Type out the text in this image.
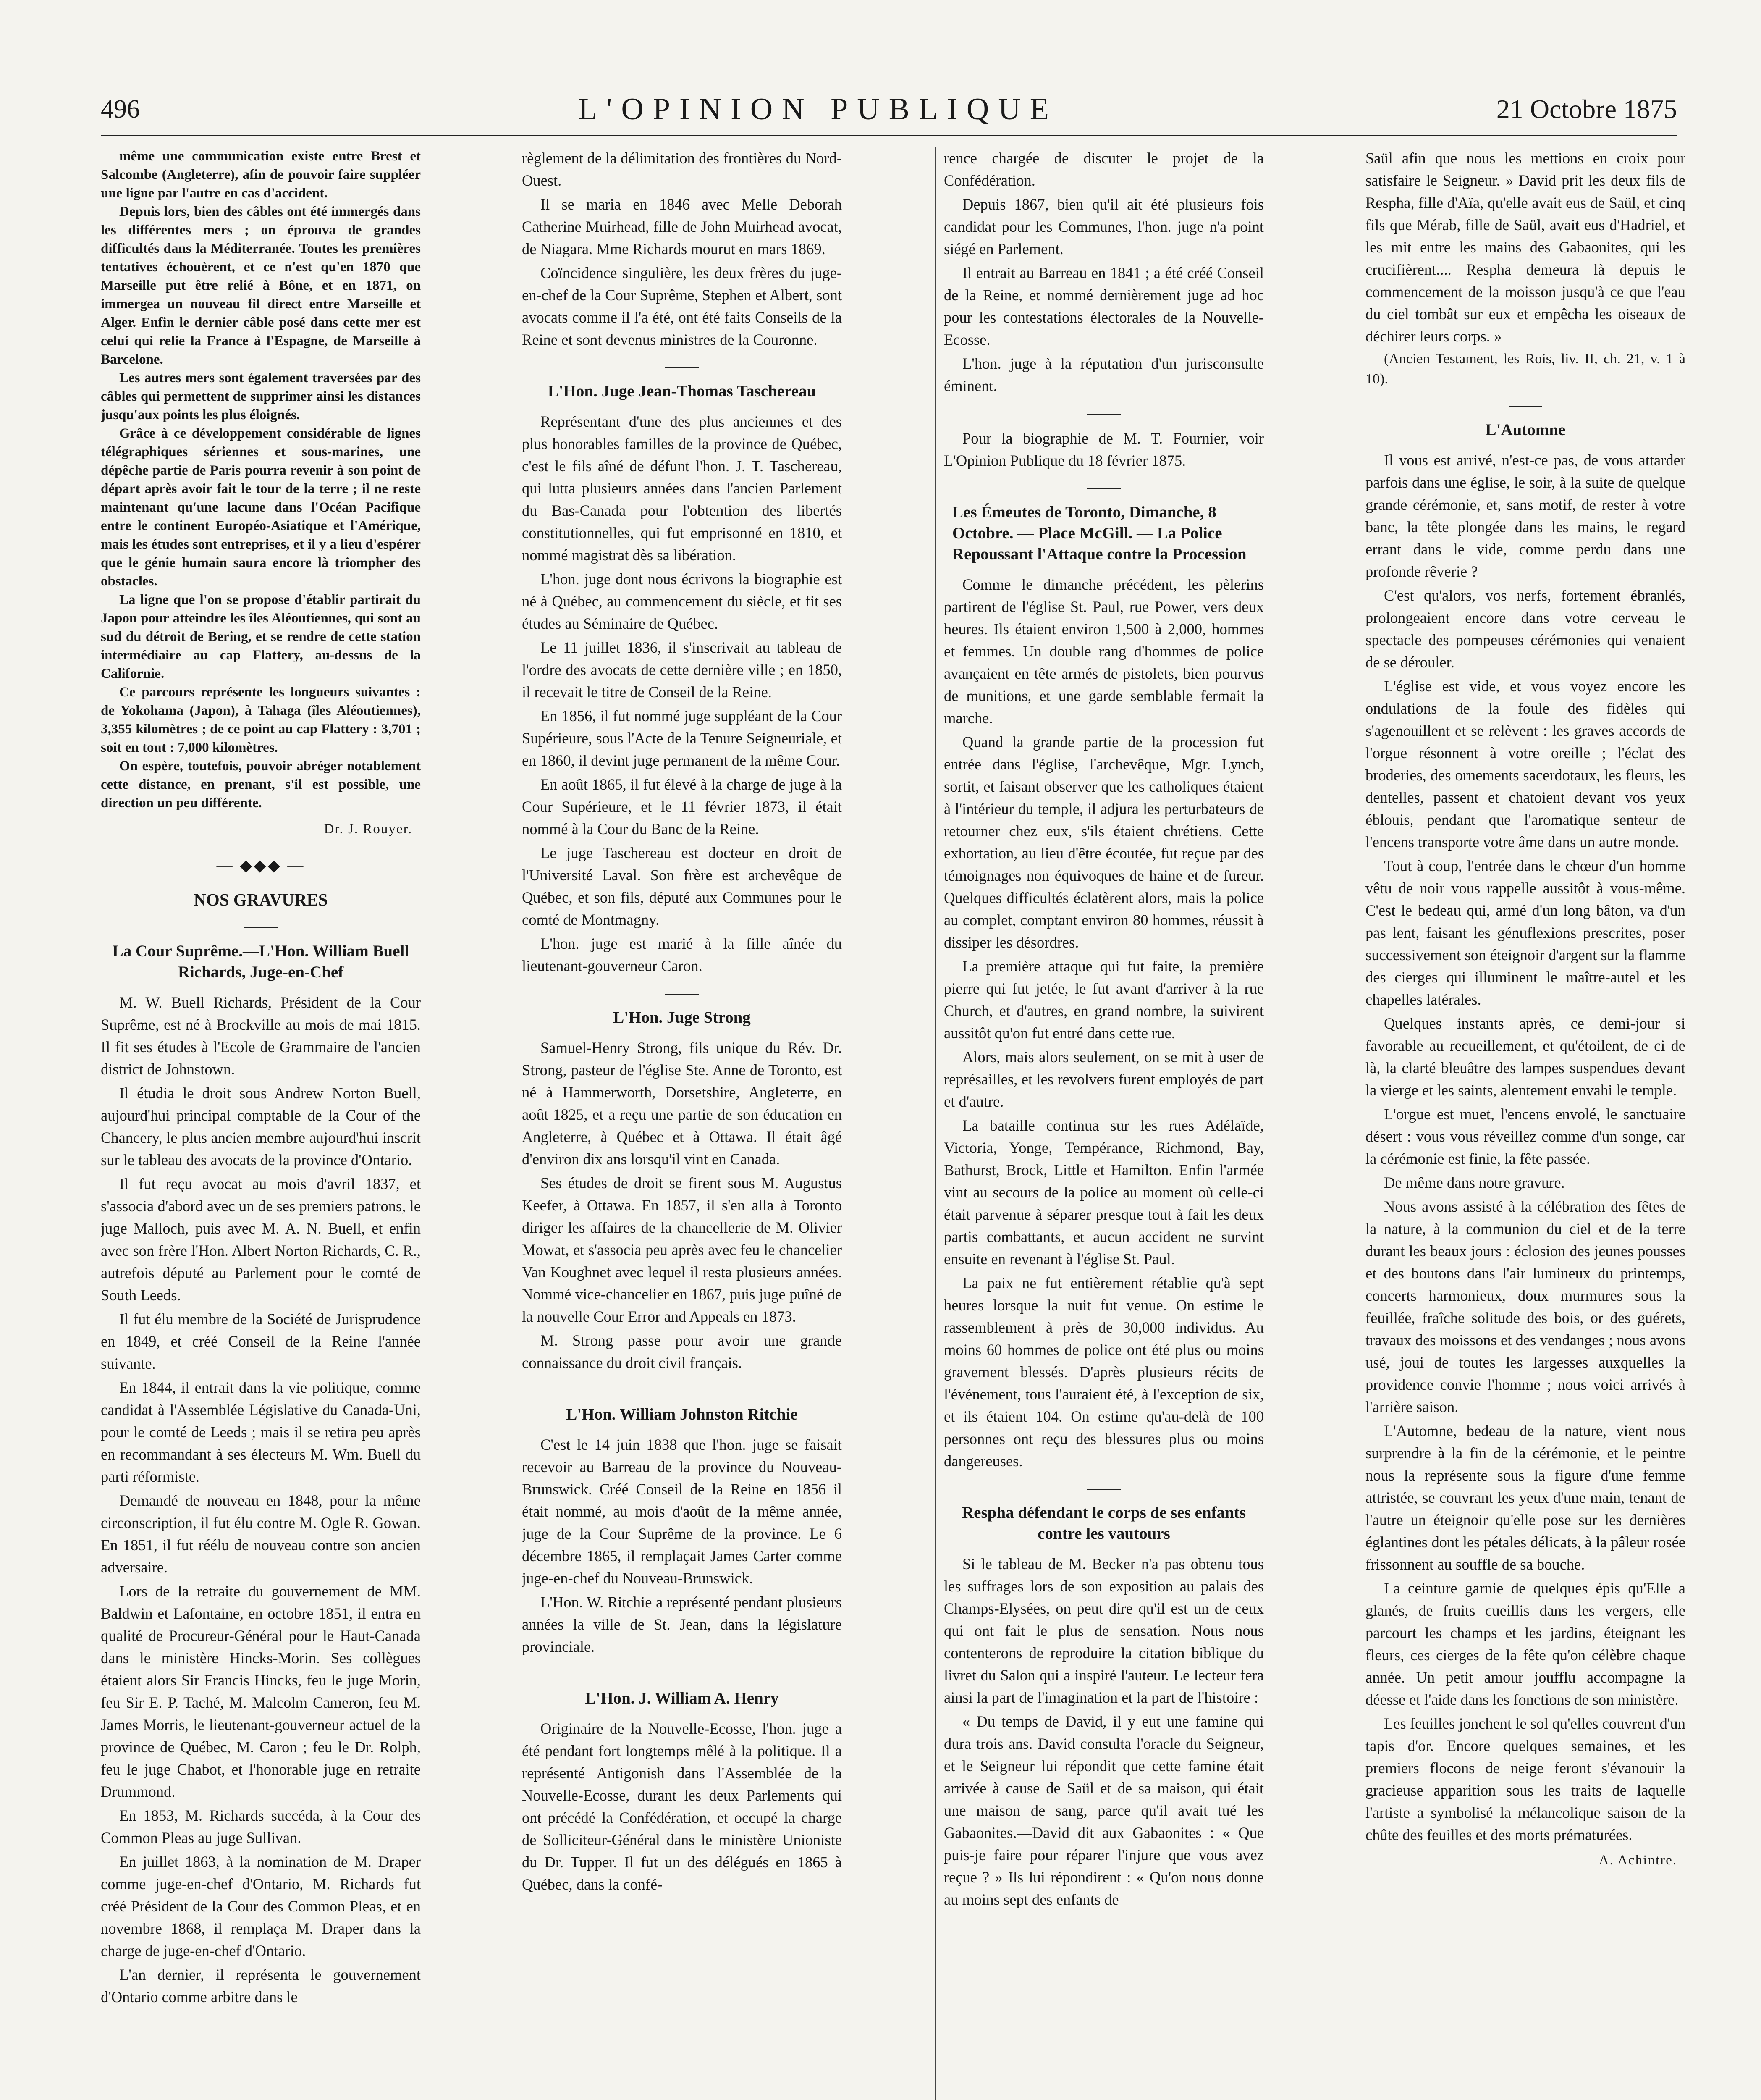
496	L'OPINION PUBLIQUE	21 Octobre 1875

même une communication existe entre Brest et Salcombe (Angleterre), afin de pouvoir faire suppléer une ligne par l'autre en cas d'accident.

Depuis lors, bien des câbles ont été immergés dans les différentes mers ; on éprouva de grandes difficultés dans la Méditerranée. Toutes les premières tentatives échouèrent, et ce n'est qu'en 1870 que Marseille put être relié à Bône, et en 1871, on immergea un nouveau fil direct entre Marseille et Alger. Enfin le dernier câble posé dans cette mer est celui qui relie la France à l'Espagne, de Marseille à Barcelone.

Les autres mers sont également traversées par des câbles qui permettent de supprimer ainsi les distances jusqu'aux points les plus éloignés.

Grâce à ce développement considérable de lignes télégraphiques sériennes et sous-marines, une dépêche partie de Paris pourra revenir à son point de départ après avoir fait le tour de la terre ; il ne reste maintenant qu'une lacune dans l'Océan Pacifique entre le continent Européo-Asiatique et l'Amérique, mais les études sont entreprises, et il y a lieu d'espérer que le génie humain saura encore là triompher des obstacles.

La ligne que l'on se propose d'établir partirait du Japon pour atteindre les îles Aléoutiennes, qui sont au sud du détroit de Bering, et se rendre de cette station intermédiaire au cap Flattery, au-dessus de la Californie.

Ce parcours représente les longueurs suivantes : de Yokohama (Japon), à Tahaga (îles Aléoutiennes), 3,355 kilomètres ; de ce point au cap Flattery : 3,701 ; soit en tout : 7,000 kilomètres.

On espère, toutefois, pouvoir abréger notablement cette distance, en prenant, s'il est possible, une direction un peu différente.

Dr. J. Rouyer.
— ◆◆◆ —
NOS GRAVURES
La Cour Suprême.—L'Hon. William Buell Richards, Juge-en-Chef

M. W. Buell Richards, Président de la Cour Suprême, est né à Brockville au mois de mai 1815. Il fit ses études à l'Ecole de Grammaire de l'ancien district de Johnstown.

Il étudia le droit sous Andrew Norton Buell, aujourd'hui principal comptable de la Cour of the Chancery, le plus ancien membre aujourd'hui inscrit sur le tableau des avocats de la province d'Ontario.

Il fut reçu avocat au mois d'avril 1837, et s'associa d'abord avec un de ses premiers patrons, le juge Malloch, puis avec M. A. N. Buell, et enfin avec son frère l'Hon. Albert Norton Richards, C. R., autrefois député au Parlement pour le comté de South Leeds.

Il fut élu membre de la Société de Jurisprudence en 1849, et créé Conseil de la Reine l'année suivante.

En 1844, il entrait dans la vie politique, comme candidat à l'Assemblée Législative du Canada-Uni, pour le comté de Leeds ; mais il se retira peu après en recommandant à ses électeurs M. Wm. Buell du parti réformiste.

Demandé de nouveau en 1848, pour la même circonscription, il fut élu contre M. Ogle R. Gowan. En 1851, il fut réélu de nouveau contre son ancien adversaire.

Lors de la retraite du gouvernement de MM. Baldwin et Lafontaine, en octobre 1851, il entra en qualité de Procureur-Général pour le Haut-Canada dans le ministère Hincks-Morin. Ses collègues étaient alors Sir Francis Hincks, feu le juge Morin, feu Sir E. P. Taché, M. Malcolm Cameron, feu M. James Morris, le lieutenant-gouverneur actuel de la province de Québec, M. Caron ; feu le Dr. Rolph, feu le juge Chabot, et l'honorable juge en retraite Drummond.

En 1853, M. Richards succéda, à la Cour des Common Pleas au juge Sullivan.

En juillet 1863, à la nomination de M. Draper comme juge-en-chef d'Ontario, M. Richards fut créé Président de la Cour des Common Pleas, et en novembre 1868, il remplaça M. Draper dans la charge de juge-en-chef d'Ontario.

L'an dernier, il représenta le gouvernement d'Ontario comme arbitre dans le

règlement de la délimitation des frontières du Nord-Ouest.

Il se maria en 1846 avec Melle Deborah Catherine Muirhead, fille de John Muirhead avocat, de Niagara. Mme Richards mourut en mars 1869.

Coïncidence singulière, les deux frères du juge-en-chef de la Cour Suprême, Stephen et Albert, sont avocats comme il l'a été, ont été faits Conseils de la Reine et sont devenus ministres de la Couronne.

L'Hon. Juge Jean-Thomas Taschereau

Représentant d'une des plus anciennes et des plus honorables familles de la province de Québec, c'est le fils aîné de défunt l'hon. J. T. Taschereau, qui lutta plusieurs années dans l'ancien Parlement du Bas-Canada pour l'obtention des libertés constitutionnelles, qui fut emprisonné en 1810, et nommé magistrat dès sa libération.

L'hon. juge dont nous écrivons la biographie est né à Québec, au commencement du siècle, et fit ses études au Séminaire de Québec.

Le 11 juillet 1836, il s'inscrivait au tableau de l'ordre des avocats de cette dernière ville ; en 1850, il recevait le titre de Conseil de la Reine.

En 1856, il fut nommé juge suppléant de la Cour Supérieure, sous l'Acte de la Tenure Seigneuriale, et en 1860, il devint juge permanent de la même Cour.

En août 1865, il fut élevé à la charge de juge à la Cour Supérieure, et le 11 février 1873, il était nommé à la Cour du Banc de la Reine.

Le juge Taschereau est docteur en droit de l'Université Laval. Son frère est archevêque de Québec, et son fils, député aux Communes pour le comté de Montmagny.

L'hon. juge est marié à la fille aînée du lieutenant-gouverneur Caron.

L'Hon. Juge Strong

Samuel-Henry Strong, fils unique du Rév. Dr. Strong, pasteur de l'église Ste. Anne de Toronto, est né à Hammerworth, Dorsetshire, Angleterre, en août 1825, et a reçu une partie de son éducation en Angleterre, à Québec et à Ottawa. Il était âgé d'environ dix ans lorsqu'il vint en Canada.

Ses études de droit se firent sous M. Augustus Keefer, à Ottawa. En 1857, il s'en alla à Toronto diriger les affaires de la chancellerie de M. Olivier Mowat, et s'associa peu après avec feu le chancelier Van Koughnet avec lequel il resta plusieurs années. Nommé vice-chancelier en 1867, puis juge puîné de la nouvelle Cour Error and Appeals en 1873.

M. Strong passe pour avoir une grande connaissance du droit civil français.

L'Hon. William Johnston Ritchie

C'est le 14 juin 1838 que l'hon. juge se faisait recevoir au Barreau de la province du Nouveau-Brunswick. Créé Conseil de la Reine en 1856 il était nommé, au mois d'août de la même année, juge de la Cour Suprême de la province. Le 6 décembre 1865, il remplaçait James Carter comme juge-en-chef du Nouveau-Brunswick.

L'Hon. W. Ritchie a représenté pendant plusieurs années la ville de St. Jean, dans la législature provinciale.

L'Hon. J. William A. Henry

Originaire de la Nouvelle-Ecosse, l'hon. juge a été pendant fort longtemps mêlé à la politique. Il a représenté Antigonish dans l'Assemblée de la Nouvelle-Ecosse, durant les deux Parlements qui ont précédé la Confédération, et occupé la charge de Solliciteur-Général dans le ministère Unioniste du Dr. Tupper. Il fut un des délégués en 1865 à Québec, dans la confé-

rence chargée de discuter le projet de la Confédération.

Depuis 1867, bien qu'il ait été plusieurs fois candidat pour les Communes, l'hon. juge n'a point siégé en Parlement.

Il entrait au Barreau en 1841 ; a été créé Conseil de la Reine, et nommé dernièrement juge ad hoc pour les contestations électorales de la Nouvelle-Ecosse.

L'hon. juge à la réputation d'un jurisconsulte éminent.

Pour la biographie de M. T. Fournier, voir L'Opinion Publique du 18 février 1875.

Les Émeutes de Toronto, Dimanche, 8 Octobre. — Place McGill. — La Police Repoussant l'Attaque contre la Procession

Comme le dimanche précédent, les pèlerins partirent de l'église St. Paul, rue Power, vers deux heures. Ils étaient environ 1,500 à 2,000, hommes et femmes. Un double rang d'hommes de police avançaient en tête armés de pistolets, bien pourvus de munitions, et une garde semblable fermait la marche.

Quand la grande partie de la procession fut entrée dans l'église, l'archevêque, Mgr. Lynch, sortit, et faisant observer que les catholiques étaient à l'intérieur du temple, il adjura les perturbateurs de retourner chez eux, s'ils étaient chrétiens. Cette exhortation, au lieu d'être écoutée, fut reçue par des témoignages non équivoques de haine et de fureur. Quelques difficultés éclatèrent alors, mais la police au complet, comptant environ 80 hommes, réussit à dissiper les désordres.

La première attaque qui fut faite, la première pierre qui fut jetée, le fut avant d'arriver à la rue Church, et d'autres, en grand nombre, la suivirent aussitôt qu'on fut entré dans cette rue.

Alors, mais alors seulement, on se mit à user de représailles, et les revolvers furent employés de part et d'autre.

La bataille continua sur les rues Adélaïde, Victoria, Yonge, Tempérance, Richmond, Bay, Bathurst, Brock, Little et Hamilton. Enfin l'armée vint au secours de la police au moment où celle-ci était parvenue à séparer presque tout à fait les deux partis combattants, et aucun accident ne survint ensuite en revenant à l'église St. Paul.

La paix ne fut entièrement rétablie qu'à sept heures lorsque la nuit fut venue. On estime le rassemblement à près de 30,000 individus. Au moins 60 hommes de police ont été plus ou moins gravement blessés. D'après plusieurs récits de l'événement, tous l'auraient été, à l'exception de six, et ils étaient 104. On estime qu'au-delà de 100 personnes ont reçu des blessures plus ou moins dangereuses.

Respha défendant le corps de ses enfants contre les vautours

Si le tableau de M. Becker n'a pas obtenu tous les suffrages lors de son exposition au palais des Champs-Elysées, on peut dire qu'il est un de ceux qui ont fait le plus de sensation. Nous nous contenterons de reproduire la citation biblique du livret du Salon qui a inspiré l'auteur. Le lecteur fera ainsi la part de l'imagination et la part de l'histoire :

« Du temps de David, il y eut une famine qui dura trois ans. David consulta l'oracle du Seigneur, et le Seigneur lui répondit que cette famine était arrivée à cause de Saül et de sa maison, qui était une maison de sang, parce qu'il avait tué les Gabaonites.—David dit aux Gabaonites : « Que puis-je faire pour réparer l'injure que vous avez reçue ? » Ils lui répondirent : « Qu'on nous donne au moins sept des enfants de

Saül afin que nous les mettions en croix pour satisfaire le Seigneur. » David prit les deux fils de Respha, fille d'Aïa, qu'elle avait eus de Saül, et cinq fils que Mérab, fille de Saül, avait eus d'Hadriel, et les mit entre les mains des Gabaonites, qui les crucifièrent.... Respha demeura là depuis le commencement de la moisson jusqu'à ce que l'eau du ciel tombât sur eux et empêcha les oiseaux de déchirer leurs corps. »

(Ancien Testament, les Rois, liv. II, ch. 21, v. 1 à 10).

L'Automne

Il vous est arrivé, n'est-ce pas, de vous attarder parfois dans une église, le soir, à la suite de quelque grande cérémonie, et, sans motif, de rester à votre banc, la tête plongée dans les mains, le regard errant dans le vide, comme perdu dans une profonde rêverie ?

C'est qu'alors, vos nerfs, fortement ébranlés, prolongeaient encore dans votre cerveau le spectacle des pompeuses cérémonies qui venaient de se dérouler.

L'église est vide, et vous voyez encore les ondulations de la foule des fidèles qui s'agenouillent et se relèvent : les graves accords de l'orgue résonnent à votre oreille ; l'éclat des broderies, des ornements sacerdotaux, les fleurs, les dentelles, passent et chatoient devant vos yeux éblouis, pendant que l'aromatique senteur de l'encens transporte votre âme dans un autre monde.

Tout à coup, l'entrée dans le chœur d'un homme vêtu de noir vous rappelle aussitôt à vous-même. C'est le bedeau qui, armé d'un long bâton, va d'un pas lent, faisant les génuflexions prescrites, poser successivement son éteignoir d'argent sur la flamme des cierges qui illuminent le maître-autel et les chapelles latérales.

Quelques instants après, ce demi-jour si favorable au recueillement, et qu'étoilent, de ci de là, la clarté bleuâtre des lampes suspendues devant la vierge et les saints, alentement envahi le temple.

L'orgue est muet, l'encens envolé, le sanctuaire désert : vous vous réveillez comme d'un songe, car la cérémonie est finie, la fête passée.

De même dans notre gravure.

Nous avons assisté à la célébration des fêtes de la nature, à la communion du ciel et de la terre durant les beaux jours : éclosion des jeunes pousses et des boutons dans l'air lumineux du printemps, concerts harmonieux, doux murmures sous la feuillée, fraîche solitude des bois, or des guérets, travaux des moissons et des vendanges ; nous avons usé, joui de toutes les largesses auxquelles la providence convie l'homme ; nous voici arrivés à l'arrière saison.

L'Automne, bedeau de la nature, vient nous surprendre à la fin de la cérémonie, et le peintre nous la représente sous la figure d'une femme attristée, se couvrant les yeux d'une main, tenant de l'autre un éteignoir qu'elle pose sur les dernières églantines dont les pétales délicats, à la pâleur rosée frissonnent au souffle de sa bouche.

La ceinture garnie de quelques épis qu'Elle a glanés, de fruits cueillis dans les vergers, elle parcourt les champs et les jardins, éteignant les fleurs, ces cierges de la fête qu'on célèbre chaque année. Un petit amour joufflu accompagne la déesse et l'aide dans les fonctions de son ministère.

Les feuilles jonchent le sol qu'elles couvrent d'un tapis d'or. Encore quelques semaines, et les premiers flocons de neige feront s'évanouir la gracieuse apparition sous les traits de laquelle l'artiste a symbolisé la mélancolique saison de la chûte des feuilles et des morts prématurées.

A. Achintre.
